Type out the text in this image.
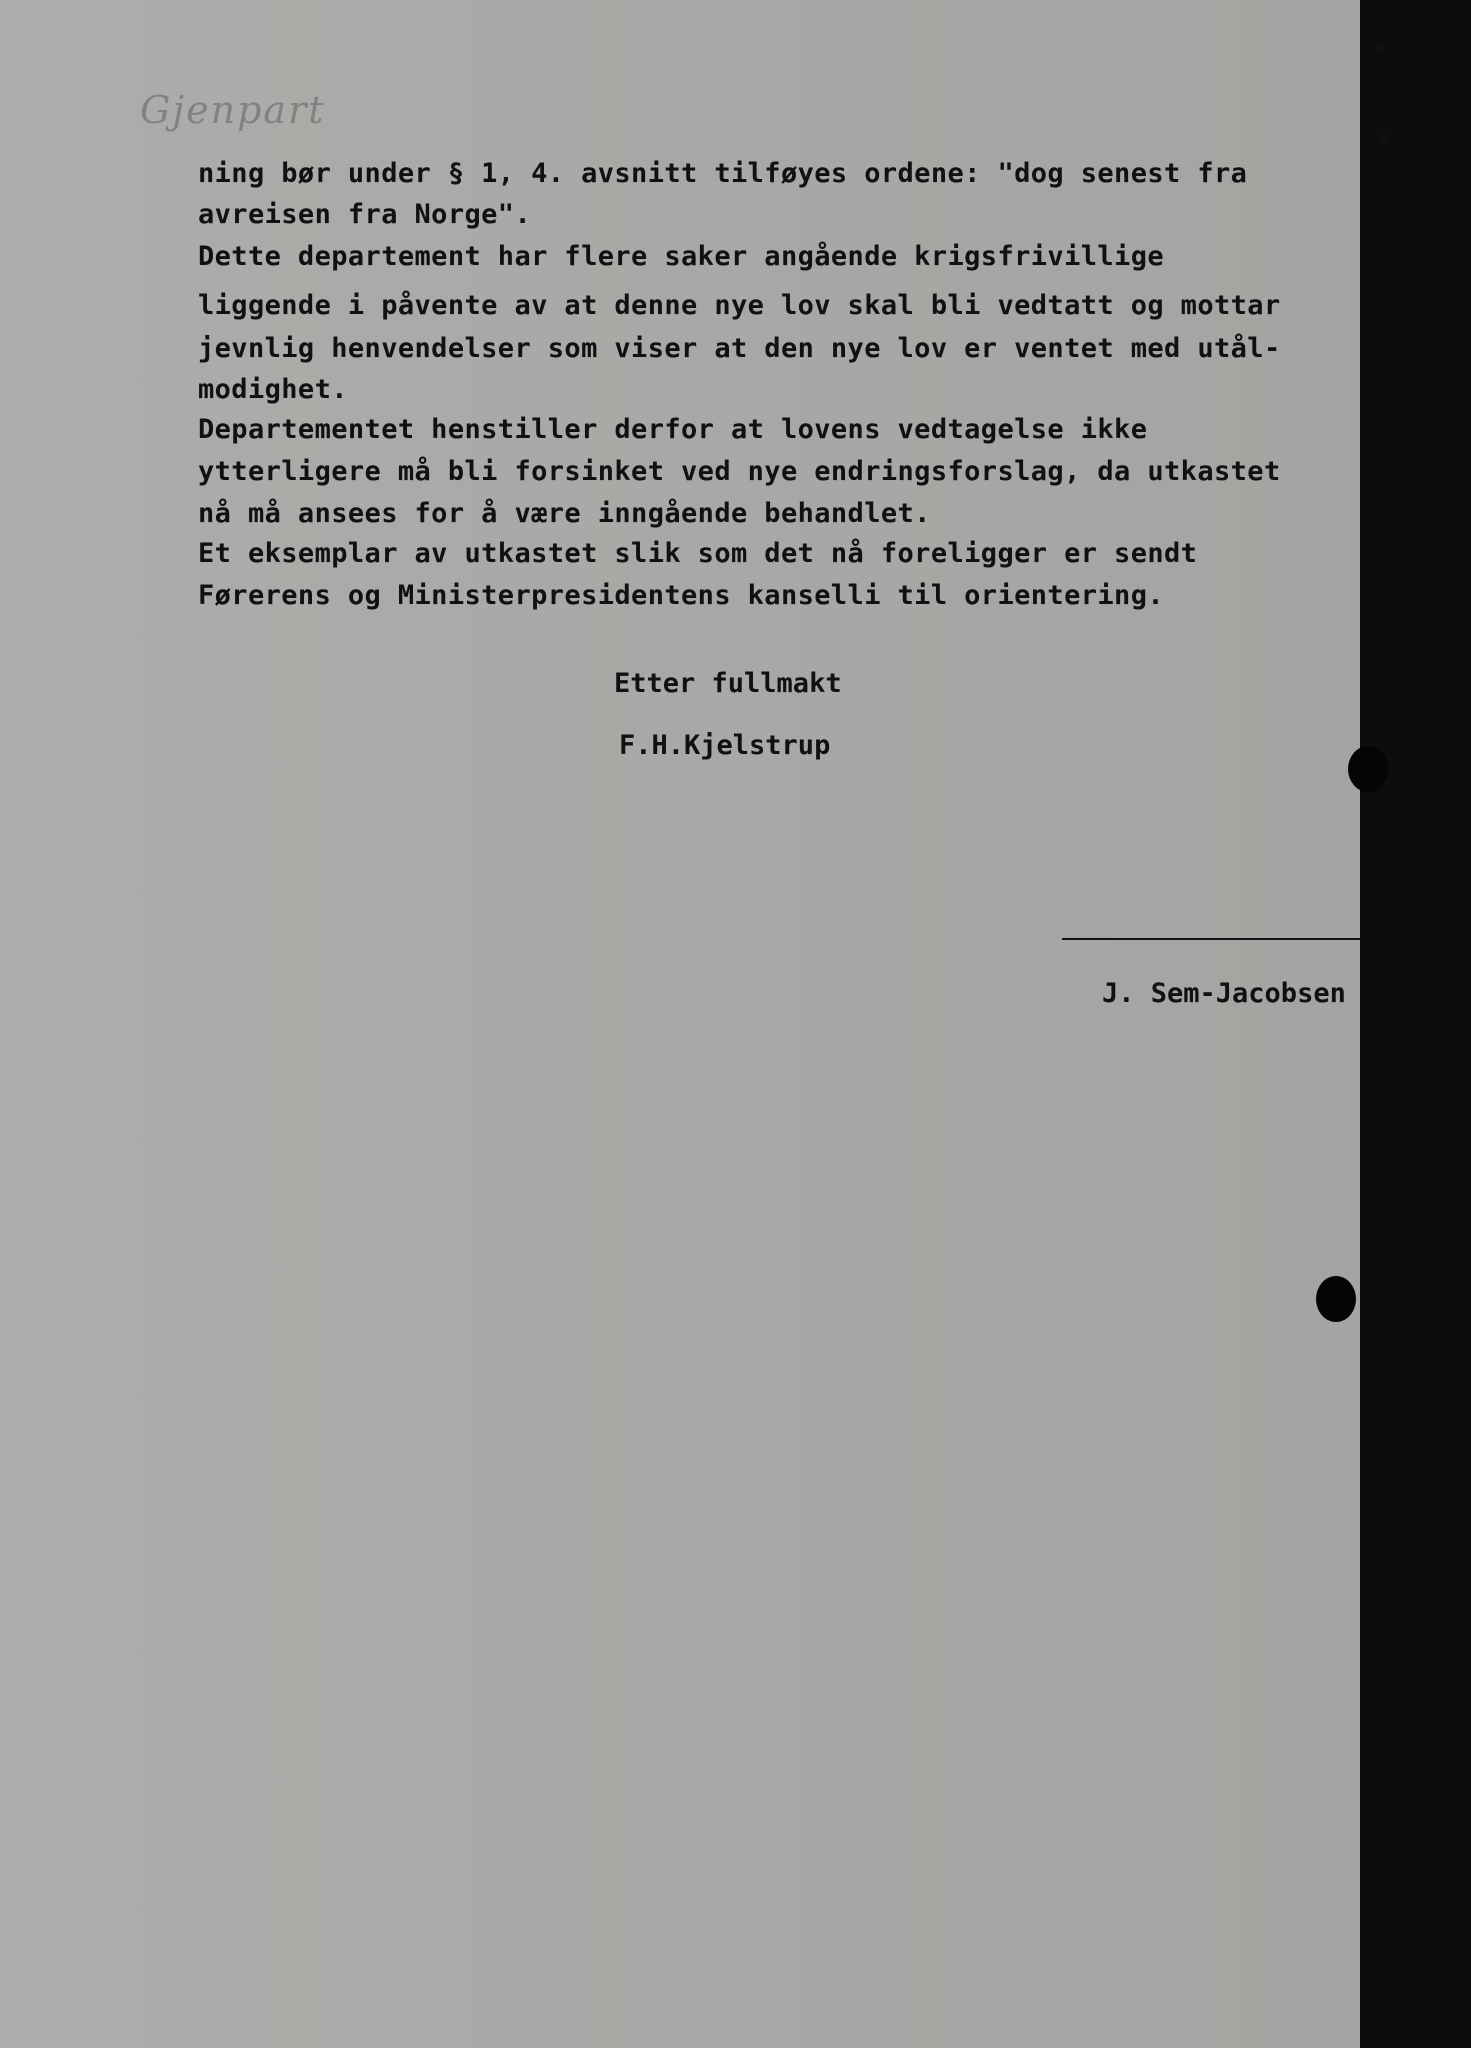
Gjenpart
ning bør under § 1, 4. avsnitt tilføyes ordene: "dog senest fra
avreisen fra Norge".
Dette departement har flere saker angående krigsfrivillige
liggende i påvente av at denne nye lov skal bli vedtatt og mottar
jevnlig henvendelser som viser at den nye lov er ventet med utål-
modighet.
Departementet henstiller derfor at lovens vedtagelse ikke
ytterligere må bli forsinket ved nye endringsforslag, da utkastet
nå må ansees for å være inngående behandlet.
Et eksemplar av utkastet slik som det nå foreligger er sendt
Førerens og Ministerpresidentens kanselli til orientering.
Etter fullmakt
F.H.Kjelstrup
J. Sem-Jacobsen
